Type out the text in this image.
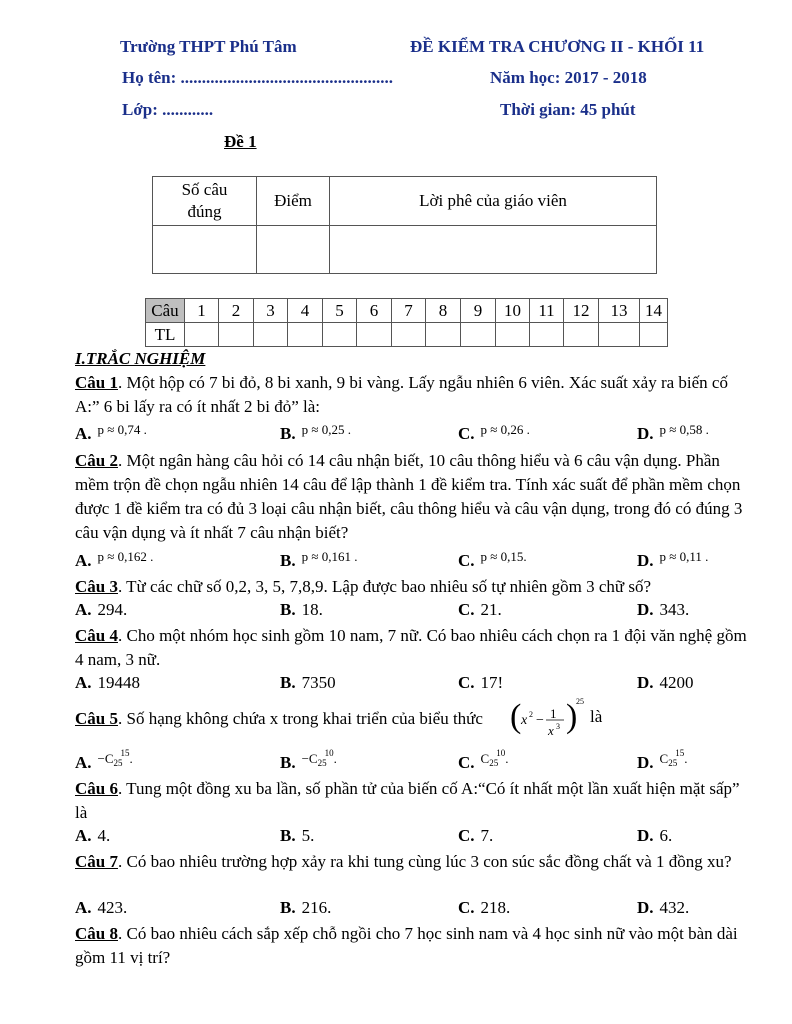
Trường THPT Phú Tâm	ĐỀ KIỂM TRA CHƯƠNG II - KHỐI 11
Họ tên: ..................................................	Năm học: 2017 - 2018
Lớp: ............	Thời gian: 45 phút
Đề 1
Số câu
đúng	Điểm	Lời phê của giáo viên

Câu	1	2	3	4	5	6	7	8	9	10	11	12	13	14
TL														
I.TRẮC NGHIỆM
Câu 1. Một hộp có 7 bi đỏ, 8 bi xanh, 9 bi vàng. Lấy ngẫu nhiên 6 viên. Xác suất xảy ra biến cố A:” 6 bi lấy ra có ít nhất 2 bi đỏ” là:
A. $^{p \approx 0,74 .}$	B. $^{p \approx 0,25 .}$	C. $^{p \approx 0,26 .}$	D. $^{p \approx 0,58 .}$
Câu 2. Một ngân hàng câu hỏi có 14 câu nhận biết, 10 câu thông hiểu và 6 câu vận dụng. Phần mềm trộn đề chọn ngẫu nhiên 14 câu để lập thành 1 đề kiểm tra. Tính xác suất để phần mềm chọn được 1 đề kiểm tra có đủ 3 loại câu nhận biết, câu thông hiểu và câu vận dụng, trong đó có đúng 3 câu vận dụng và ít nhất 7 câu nhận biết?
A. $^{p \approx 0,162 .}$	B. $^{p \approx 0,161 .}$	C. $^{p \approx 0,15.}$	D. $^{p \approx 0,11 .}$
Câu 3. Từ các chữ số 0,2, 3, 5, 7,8,9. Lập được bao nhiêu số tự nhiên gồm 3 chữ số?
A. 294.	B. 18.	C. 21.	D. 343.
Câu 4. Cho một nhóm học sinh gồm 10 nam, 7 nữ. Có bao nhiêu cách chọn ra 1 đội văn nghệ gồm 4 nam, 3 nữ.
A. 19448	B. 7350	C. 17!	D. 4200
Câu 5. Số hạng không chứa x trong khai triển của biểu thức ( x 2 − 1
x 3 )
25
là
A. $^{-C_{25}^{15}.}$	B. $^{-C_{25}^{10}.}$	C. $^{C_{25}^{10}.}$	D. $^{C_{25}^{15}.}$
Câu 6. Tung một đồng xu ba lần, số phần tử của biến cố A:“Có ít nhất một lần xuất hiện mặt sấp” là
A. 4.	B. 5.	C. 7.	D. 6.
Câu 7. Có bao nhiêu trường hợp xảy ra khi tung cùng lúc 3 con súc sắc đồng chất và 1 đồng xu?
A. 423.	B. 216.	C. 218.	D. 432.
Câu 8. Có bao nhiêu cách sắp xếp chỗ ngồi cho 7 học sinh nam và 4 học sinh nữ vào một bàn dài gồm 11 vị trí?
